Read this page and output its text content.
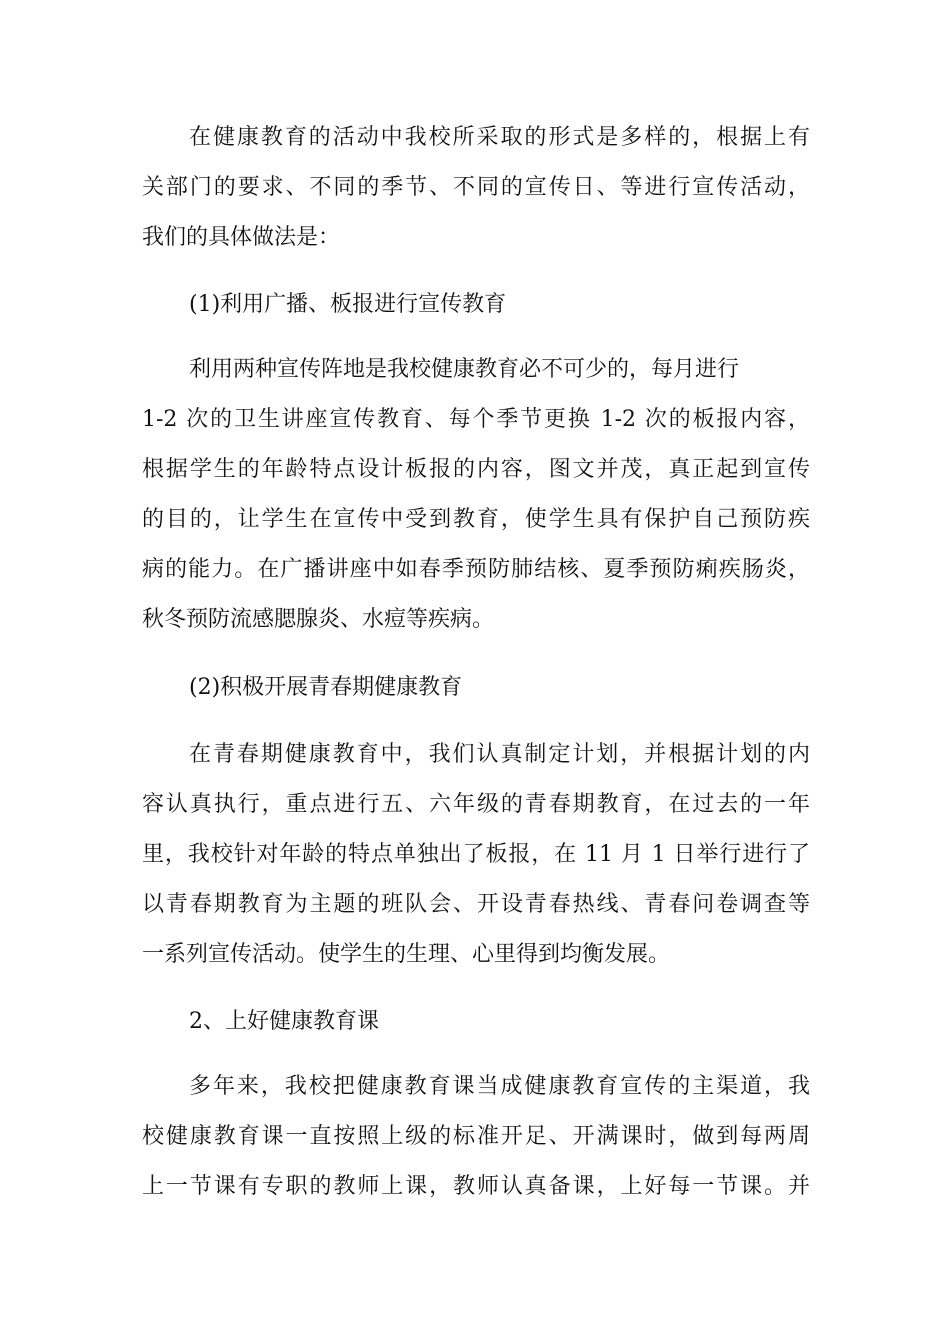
在健康教育的活动中我校所采取的形式是多样的，根据上有
关部门的要求、不同的季节、不同的宣传日、等进行宣传活动，
我们的具体做法是：
(1)利用广播、板报进行宣传教育
利用两种宣传阵地是我校健康教育必不可少的，每月进行
1-2 次的卫生讲座宣传教育、每个季节更换 1-2 次的板报内容，
根据学生的年龄特点设计板报的内容，图文并茂，真正起到宣传
的目的，让学生在宣传中受到教育，使学生具有保护自己预防疾
病的能力。在广播讲座中如春季预防肺结核、夏季预防痢疾肠炎，
秋冬预防流感腮腺炎、水痘等疾病。
(2)积极开展青春期健康教育
在青春期健康教育中，我们认真制定计划，并根据计划的内
容认真执行，重点进行五、六年级的青春期教育，在过去的一年
里，我校针对年龄的特点单独出了板报，在 11 月 1 日举行进行了
以青春期教育为主题的班队会、开设青春热线、青春问卷调查等
一系列宣传活动。使学生的生理、心里得到均衡发展。
2、上好健康教育课
多年来，我校把健康教育课当成健康教育宣传的主渠道，我
校健康教育课一直按照上级的标准开足、开满课时，做到每两周
上一节课有专职的教师上课，教师认真备课，上好每一节课。并
